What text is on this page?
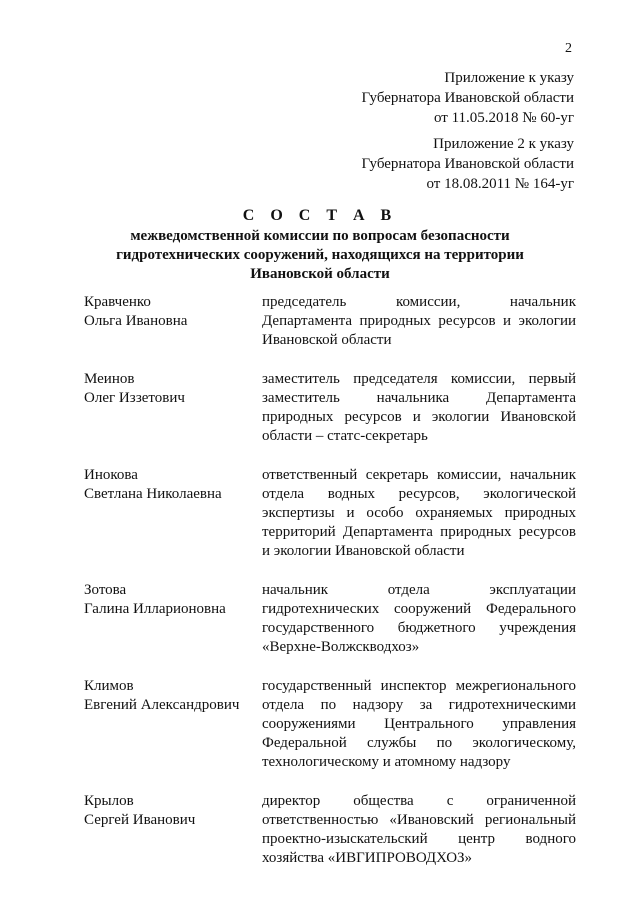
2
Приложение к указу
Губернатора Ивановской области
от 11.05.2018 № 60-уг
Приложение 2 к указу
Губернатора Ивановской области
от 18.08.2011 № 164-уг
С О С Т А В
межведомственной комиссии по вопросам безопасности
гидротехнических сооружений, находящихся на территории
Ивановской области
Кравченко
Ольга Ивановна
председатель комиссии, начальник Департамента природных ресурсов и экологии Ивановской области
Меинов
Олег Иззетович
заместитель председателя комиссии, первый заместитель начальника Департамента природных ресурсов и экологии Ивановской области – статс-секретарь
Инокова
Светлана Николаевна
ответственный секретарь комиссии, начальник отдела водных ресурсов, экологической экспертизы и особо охраняемых природных территорий Департамента природных ресурсов и экологии Ивановской области
Зотова
Галина Илларионовна
начальник отдела эксплуатации гидротехнических сооружений Федерального государственного бюджетного учреждения «Верхне-Волжскводхоз»
Климов
Евгений Александрович
государственный инспектор межрегионального отдела по надзору за гидротехническими сооружениями Центрального управления Федеральной службы по экологическому, технологическому и атомному надзору
Крылов
Сергей Иванович
директор общества с ограниченной ответственностью «Ивановский региональный проектно-изыскательский центр водного хозяйства «ИВГИПРОВОДХОЗ»
